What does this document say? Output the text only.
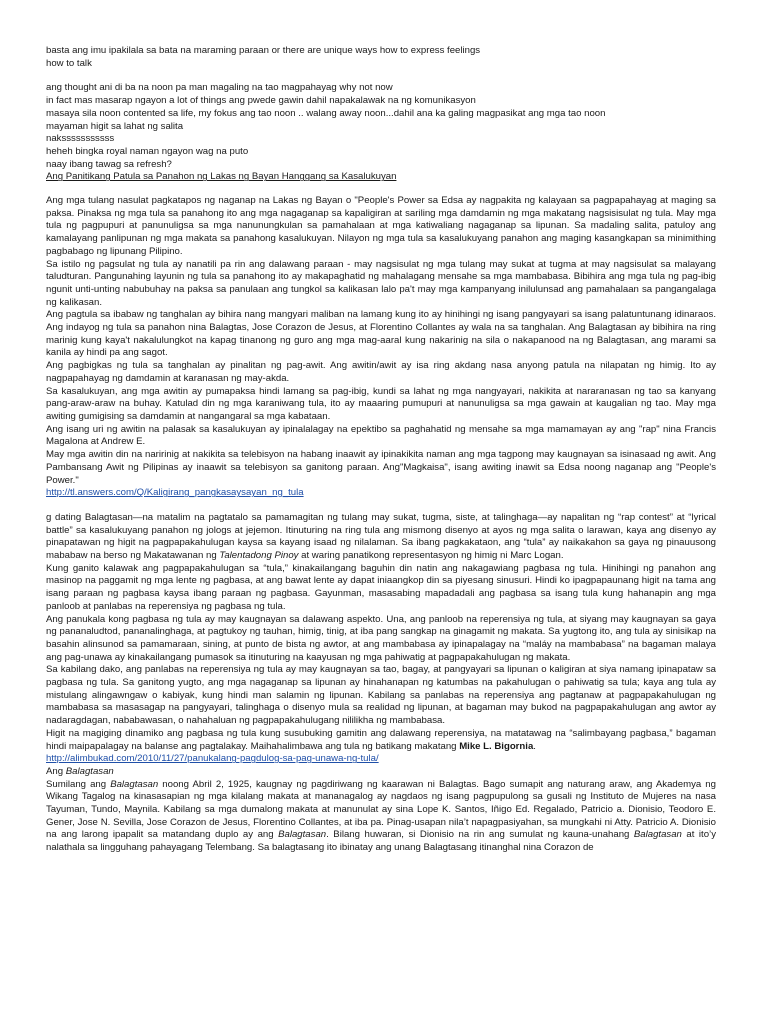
basta ang imu ipakilala sa bata na maraming paraan or there are unique ways how to express feelings

how to talk

ang thought ani di ba na noon pa man magaling na tao magpahayag why not now

in fact mas masarap ngayon a lot of things ang pwede gawin dahil napakalawak na ng komunikasyon

masaya sila noon contented sa life, my fokus ang tao noon .. walang away noon...dahil ana ka galing magpasikat ang mga tao noon

mayaman higit sa lahat ng salita

naksssssssssss

heheh bingka royal naman ngayon wag na puto

naay ibang tawag sa refresh?

Ang Panitikang Patula sa Panahon ng Lakas ng Bayan Hanggang sa Kasalukuyan

Ang mga tulang nasulat pagkatapos ng naganap na Lakas ng Bayan o "People's Power sa Edsa ay nagpakita ng kalayaan sa pagpapahayag at maging sa paksa. Pinaksa ng mga tula sa panahong ito ang mga nagaganap sa kapaligiran at sariling mga damdamin ng mga makatang nagsisisulat ng tula. May mga tula ng pagpupuri at panunuligsa sa mga nanunungkulan sa pamahalaan at mga katiwaliang nagaganap sa lipunan. Sa madaling salita, patuloy ang kamalayang panlipunan ng mga makata sa panahong kasalukuyan. Nilayon ng mga tula sa kasalukuyang panahon ang maging kasangkapan sa minimithing pagbabago ng lipunang Pilipino.

Sa istilo ng pagsulat ng tula ay nanatili pa rin ang dalawang paraan - may nagsisulat ng mga tulang may sukat at tugma at may nagsisulat sa malayang taludturan. Pangunahing layunin ng tula sa panahong ito ay makapaghatid ng mahalagang mensahe sa mga mambabasa. Bibihira ang mga tula ng pag-ibig ngunit unti-unting nabubuhay na paksa sa panulaan ang tungkol sa kalikasan lalo pa't may mga kampanyang inilulunsad ang pamahalaan sa pangangalaga ng kalikasan.

Ang pagtula sa ibabaw ng tanghalan ay bihira nang mangyari maliban na lamang kung ito ay hinihingi ng isang pangyayari sa isang palatuntunang idinaraos. Ang indayog ng tula sa panahon nina Balagtas, Jose Corazon de Jesus, at Florentino Collantes ay wala na sa tanghalan. Ang Balagtasan ay bibihira na ring marinig kung kaya't nakalulungkot na kapag tinanong ng guro ang mga mag-aaral kung nakarinig na sila o nakapanood na ng Balagtasan, ang marami sa kanila ay hindi pa ang sagot.

Ang pagbigkas ng tula sa tanghalan ay pinalitan ng pag-awit. Ang awitin/awit ay isa ring akdang nasa anyong patula na nilapatan ng himig. Ito ay nagpapahayag ng damdamin at karanasan ng may-akda.

Sa kasalukuyan, ang mga awitin ay pumapaksa hindi lamang sa pag-ibig, kundi sa lahat ng mga nangyayari, nakikita at nararanasan ng tao sa kanyang pang-araw-araw na buhay. Katulad din ng mga karaniwang tula, ito ay maaaring pumupuri at nanunuligsa sa mga gawain at kaugalian ng tao. May mga awiting gumigising sa damdamin at nangangaral sa mga kabataan.

Ang isang uri ng awitin na palasak sa kasalukuyan ay ipinalalagay na epektibo sa paghahatid ng mensahe sa mga mamamayan ay ang "rap" nina Francis Magalona at Andrew E.

May mga awitin din na naririnig at nakikita sa telebisyon na habang inaawit ay ipinakikita naman ang mga tagpong may kaugnayan sa isinasaad ng awit. Ang Pambansang Awit ng Pilipinas ay inaawit sa telebisyon sa ganitong paraan. Ang"Magkaisa", isang awiting inawit sa Edsa noong naganap ang "People's Power."

http://tl.answers.com/Q/Kaligirang_pangkasaysayan_ng_tula

g dating Balagtasan—na matalim na pagtatalo sa pamamagitan ng tulang may sukat, tugma, siste, at talinghaga—ay napalitan ng “rap contest” at “lyrical battle” sa kasalukuyang panahon ng jologs at jejemon. Itinuturing na ring tula ang mismong disenyo at ayos ng mga salita o larawan, kaya ang disenyo ay pinapatawan ng higit na pagpapakahulugan kaysa sa kayang isaad ng nilalaman. Sa ibang pagkakataon, ang “tula” ay naikakahon sa gaya ng pinauusong mababaw na berso ng Makatawanan ng Talentadong Pinoy at waring panatikong representasyon ng himig ni Marc Logan.

Kung ganito kalawak ang pagpapakahulugan sa “tula,” kinakailangang baguhin din natin ang nakagawiang pagbasa ng tula. Hinihingi ng panahon ang masinop na paggamit ng mga lente ng pagbasa, at ang bawat lente ay dapat iniaangkop din sa piyesang sinusuri. Hindi ko ipagpapaunang higit na tama ang isang paraan ng pagbasa kaysa ibang paraan ng pagbasa. Gayunman, masasabing mapadadali ang pagbasa sa isang tula kung hahanapin ang mga panloob at panlabas na reperensiya ng pagbasa ng tula.

Ang panukala kong pagbasa ng tula ay may kaugnayan sa dalawang aspekto. Una, ang panloob na reperensiya ng tula, at siyang may kaugnayan sa gaya ng pananaludtod, pananalinghaga, at pagtukoy ng tauhan, himig, tinig, at iba pang sangkap na ginagamit ng makata. Sa yugtong ito, ang tula ay sinisikap na basahin alinsunod sa pamamaraan, sining, at punto de bista ng awtor, at ang mambabasa ay ipinapalagay na “maláy na mambabasa” na bagaman malaya ang pag-unawa ay kinakailangang pumasok sa itinuturing na kaayusan ng mga pahiwatig at pagpapakahulugan ng makata.

Sa kabilang dako, ang panlabas na reperensiya ng tula ay may kaugnayan sa tao, bagay, at pangyayari sa lipunan o kaligiran at siya namang ipinapataw sa pagbasa ng tula. Sa ganitong yugto, ang mga nagaganap sa lipunan ay hinahanapan ng katumbas na pakahulugan o pahiwatig sa tula; kaya ang tula ay mistulang alingawngaw o kabiyak, kung hindi man salamin ng lipunan. Kabilang sa panlabas na reperensiya ang pagtanaw at pagpapakahulugan ng mambabasa sa masasagap na pangyayari, talinghaga o disenyo mula sa realidad ng lipunan, at bagaman may bukod na pagpapakahulugan ang awtor ay nadaragdagan, nababawasan, o nahahaluan ng pagpapakahulugang nililikha ng mambabasa.

Higit na magiging dinamiko ang pagbasa ng tula kung susubuking gamitin ang dalawang reperensiya, na matatawag na “salimbayang pagbasa,” bagaman hindi maipapalagay na balanse ang pagtalakay. Maihahalimbawa ang tula ng batikang makatang Mike L. Bigornia.

http://alimbukad.com/2010/11/27/panukalang-pagdulog-sa-pag-unawa-ng-tula/

Ang Balagtasan

Sumilang ang Balagtasan noong Abril 2, 1925, kaugnay ng pagdiriwang ng kaarawan ni Balagtas. Bago sumapit ang naturang araw, ang Akademya ng Wikang Tagalog na kinasasapian ng mga kilalang makata at mananagalog ay nagdaos ng isang pagpupulong sa gusali ng Instituto de Mujeres na nasa Tayuman, Tundo, Maynila. Kabilang sa mga dumalong makata at manunulat ay sina Lope K. Santos, Iñigo Ed. Regalado, Patricio a. Dionisio, Teodoro E. Gener, Jose N. Sevilla, Jose Corazon de Jesus, Florentino Collantes, at iba pa. Pinag-usapan nila’t napagpasiyahan, sa mungkahi ni Atty. Patricio A. Dionisio na ang larong ipapalit sa matandang duplo ay ang Balagtasan. Bilang huwaran, si Dionisio na rin ang sumulat ng kauna-unahang Balagtasan at ito’y nalathala sa lingguhang pahayagang Telembang. Sa balagtasang ito ibinatay ang unang Balagtasang itinanghal nina Corazon de
